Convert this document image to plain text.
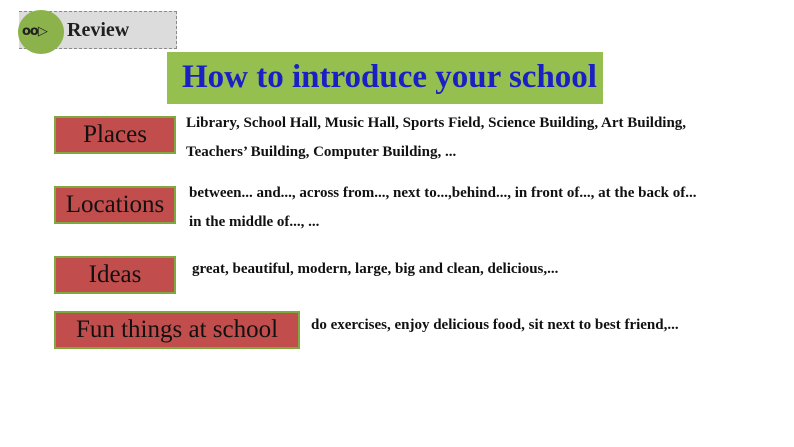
oo▷ Review
How to introduce your school
Places	Library, School Hall, Music Hall, Sports Field, Science Building, Art Building,
Teachers’ Building, Computer Building, ...
Locations	between... and..., across from..., next to...,behind..., in front of..., at the back of...
in the middle of..., ...
Ideas	great, beautiful, modern, large, big and clean, delicious,...
Fun things at school	do exercises, enjoy delicious food, sit next to best friend,...
